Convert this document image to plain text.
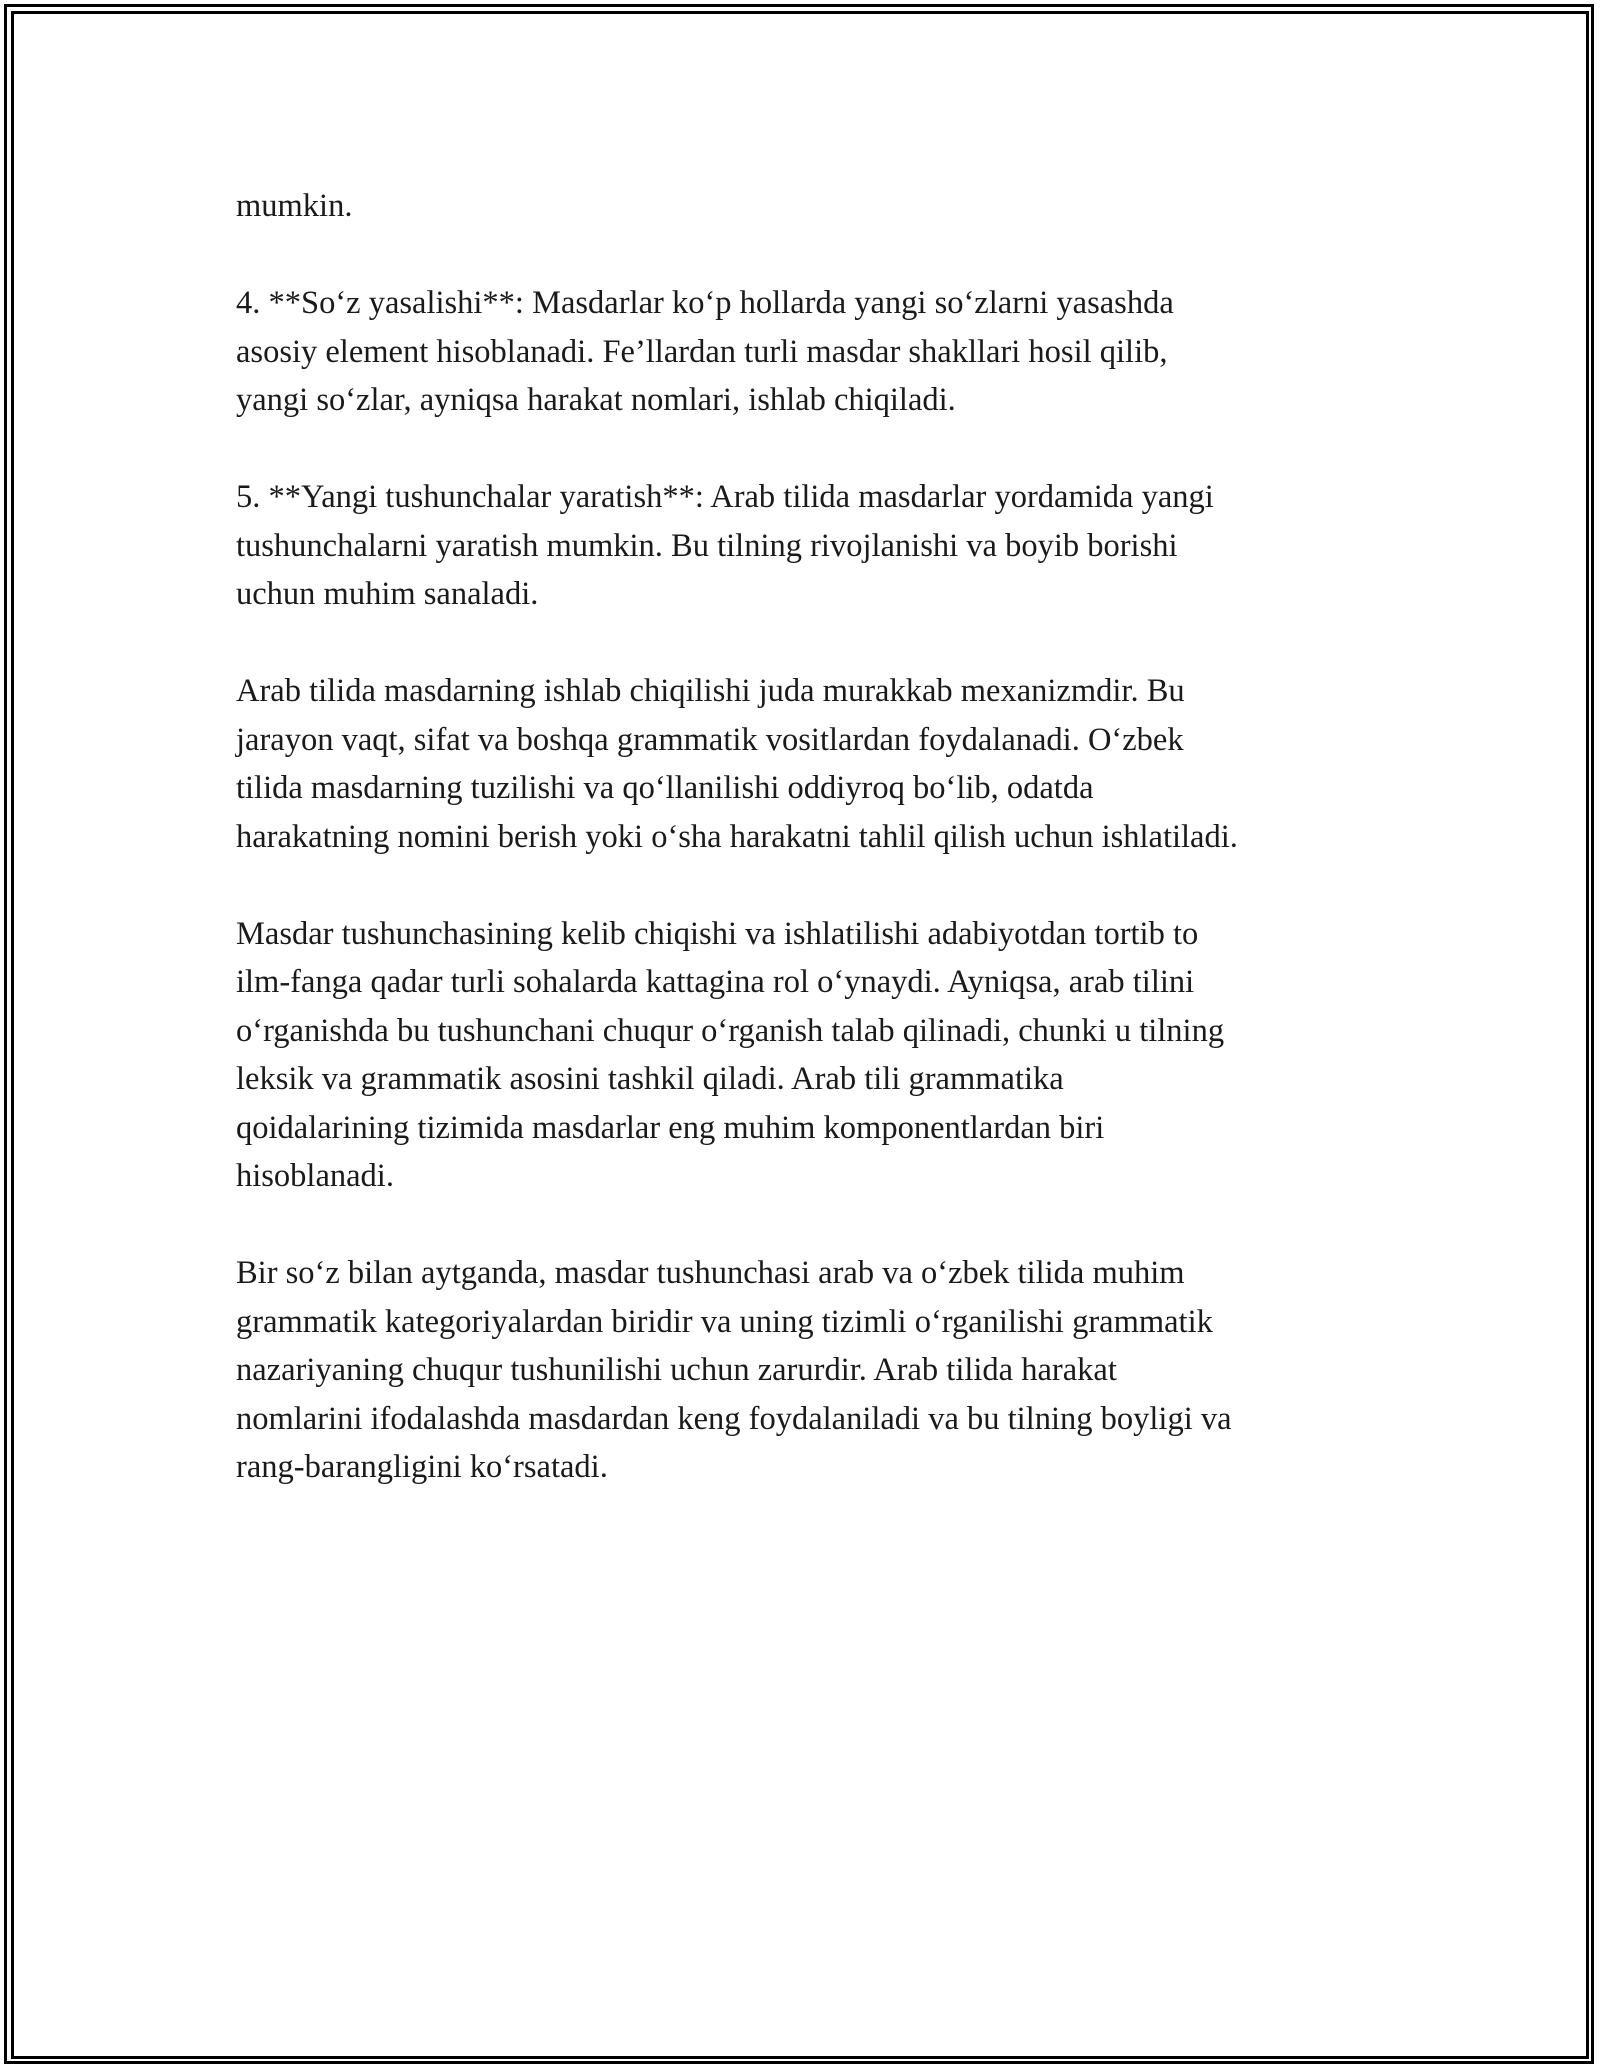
mumkin.

4. **So‘z yasalishi**: Masdarlar ko‘p hollarda yangi so‘zlarni yasashda
asosiy element hisoblanadi. Fe’llardan turli masdar shakllari hosil qilib,
yangi so‘zlar, ayniqsa harakat nomlari, ishlab chiqiladi.

5. **Yangi tushunchalar yaratish**: Arab tilida masdarlar yordamida yangi
tushunchalarni yaratish mumkin. Bu tilning rivojlanishi va boyib borishi
uchun muhim sanaladi.

Arab tilida masdarning ishlab chiqilishi juda murakkab mexanizmdir. Bu
jarayon vaqt, sifat va boshqa grammatik vositlardan foydalanadi. O‘zbek
tilida masdarning tuzilishi va qo‘llanilishi oddiyroq bo‘lib, odatda
harakatning nomini berish yoki o‘sha harakatni tahlil qilish uchun ishlatiladi.

Masdar tushunchasining kelib chiqishi va ishlatilishi adabiyotdan tortib to
ilm-fanga qadar turli sohalarda kattagina rol o‘ynaydi. Ayniqsa, arab tilini
o‘rganishda bu tushunchani chuqur o‘rganish talab qilinadi, chunki u tilning
leksik va grammatik asosini tashkil qiladi. Arab tili grammatika
qoidalarining tizimida masdarlar eng muhim komponentlardan biri
hisoblanadi.

Bir so‘z bilan aytganda, masdar tushunchasi arab va o‘zbek tilida muhim
grammatik kategoriyalardan biridir va uning tizimli o‘rganilishi grammatik
nazariyaning chuqur tushunilishi uchun zarurdir. Arab tilida harakat
nomlarini ifodalashda masdardan keng foydalaniladi va bu tilning boyligi va
rang-barangligini ko‘rsatadi.
